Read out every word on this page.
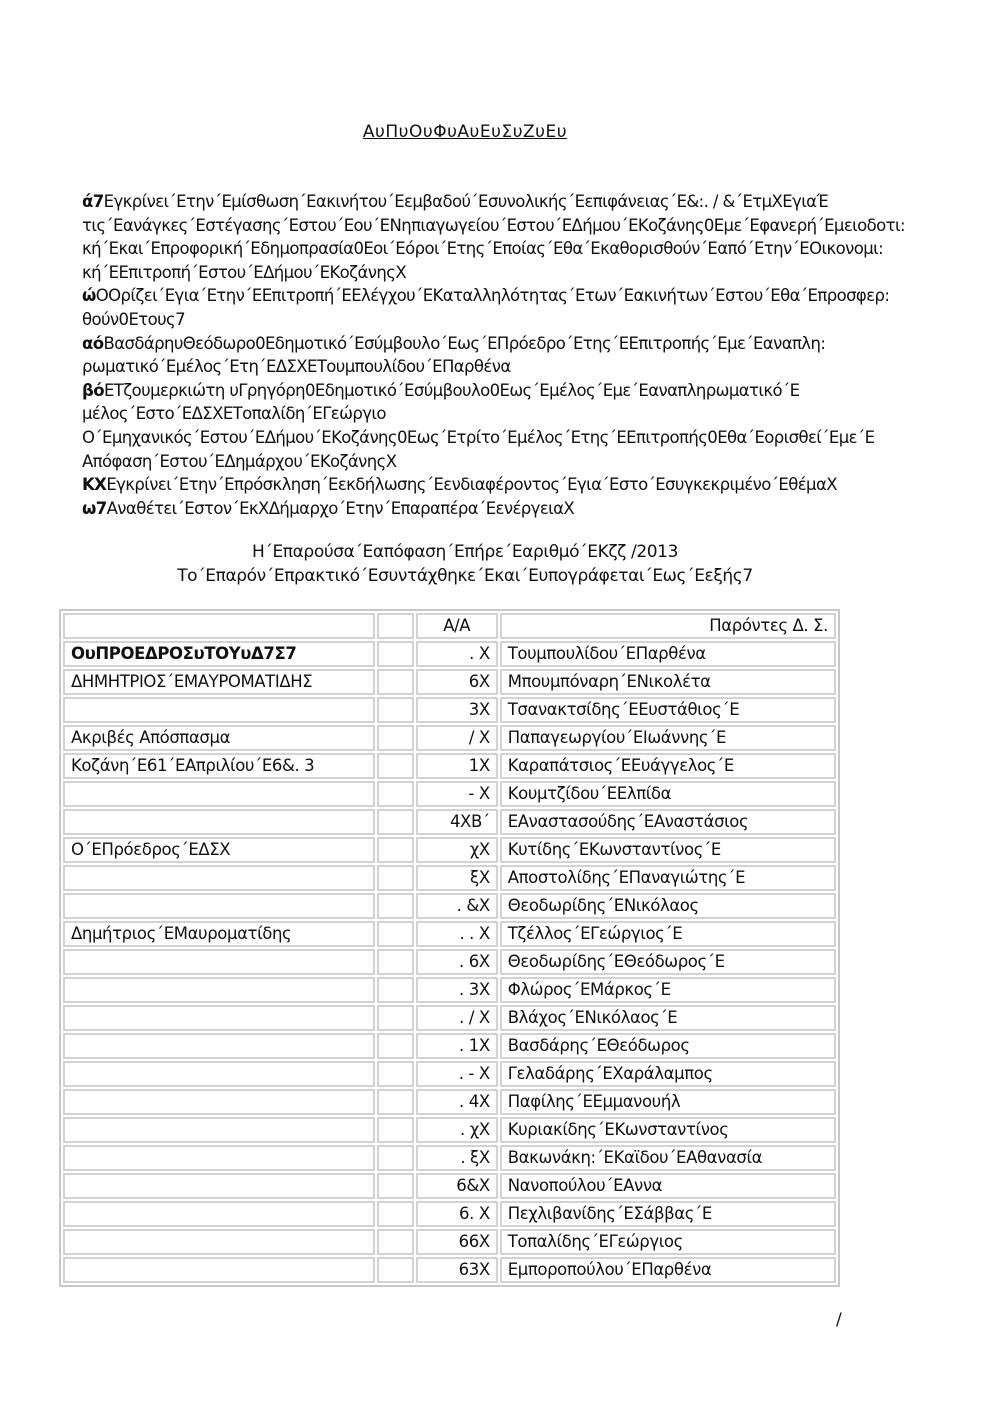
ΑυΠυΟυΦυΑυΕυΣυΖυΕυ

ά7Εγκρίνει΄Ετην΄Εμίσθωση΄Εακινήτου΄Εεμβαδού΄Εσυνολικής΄Εεπιφάνειας΄Ε&:. / &΄ΕτμΧΕγιαΈ

τις΄Εανάγκες΄Εστέγασης΄Εστου΄Εου΄ΕΝηπιαγωγείου΄Εστου΄ΕΔήμου΄ΕΚοζάνης0Εμε΄Εφανερή΄Εμειοδοτι:

κή΄Εκαι΄Επροφορική΄Εδημοπρασία0Εοι΄Εόροι΄Ετης΄Εποίας΄Εθα΄Εκαθορισθούν΄Εαπό΄Ετην΄ΕΟικονομι:

κή΄ΕΕπιτροπή΄Εστου΄ΕΔήμου΄ΕΚοζάνηςΧ

ώΟΟρίζει΄Εγια΄Ετην΄ΕΕπιτροπή΄ΕΕλέγχου΄ΕΚαταλληλότητας΄Ετων΄Εακινήτων΄Εστου΄Εθα΄Επροσφερ:

θούν0Ετους7

αόΒασδάρηυΘεόδωρο0Εδημοτικό΄Εσύμβουλο΄Εως΄ΕΠρόεδρο΄Ετης΄ΕΕπιτροπής΄Εμε΄Εαναπλη:

ρωματικό΄Εμέλος΄Ετη΄ΕΔΣΧΕΤουμπουλίδου΄ΕΠαρθένα

βόΕΤζουμερκιώτη υΓρηγόρη0Εδημοτικό΄Εσύμβουλο0Εως΄Εμέλος΄Εμε΄Εαναπληρωματικό΄Ε

μέλος΄Εστο΄ΕΔΣΧΕΤοπαλίδη΄ΕΓεώργιο

Ο΄Εμηχανικός΄Εστου΄ΕΔήμου΄ΕΚοζάνης0Εως΄Ετρίτο΄Εμέλος΄Ετης΄ΕΕπιτροπής0Εθα΄Εορισθεί΄Εμε΄Ε

Απόφαση΄Εστου΄ΕΔημάρχου΄ΕΚοζάνηςΧ

ΚΧΕγκρίνει΄Ετην΄Επρόσκληση΄Εεκδήλωσης΄Εενδιαφέροντος΄Εγια΄Εστο΄Εσυγκεκριμένο΄ΕθέμαΧ

ω7Αναθέτει΄Εστον΄ΕκΧΔήμαρχο΄Ετην΄Επαραπέρα΄ΕενέργειαΧ

Η΄Επαρούσα΄Εαπόφαση΄Επήρε΄Εαριθμό΄ΕΚζζ /2013

Το΄Επαρόν΄Επρακτικό΄Εσυντάχθηκε΄Εκαι΄Ευπογράφεται΄Εως΄Εεξής7

		Α/Α	Παρόντες Δ. Σ.
ΟυΠΡΟΕΔΡΟΣυΤΟΥυΔ7Σ7		. Χ	Τουμπουλίδου΄ΕΠαρθένα
ΔΗΜΗΤΡΙΟΣ΄ΕΜΑΥΡΟΜΑΤΙΔΗΣ		6Χ	Μπουμπόναρη΄ΕΝικολέτα
		3Χ	Τσανακτσίδης΄ΕΕυστάθιος΄Ε
Ακριβές Απόσπασμα		/ Χ	Παπαγεωργίου΄ΕΙωάννης΄Ε
Κοζάνη΄Ε61΄ΕΑπριλίου΄Ε6&. 3		1Χ	Καραπάτσιος΄ΕΕυάγγελος΄Ε
		- Χ	Κουμτζίδου΄ΕΕλπίδα
		4ΧΒ΄	ΕΑναστασούδης΄ΕΑναστάσιος
Ο΄ΕΠρόεδρος΄ΕΔΣΧ		χΧ	Κυτίδης΄ΕΚωνσταντίνος΄Ε
		ξΧ	Αποστολίδης΄ΕΠαναγιώτης΄Ε
		. &Χ	Θεοδωρίδης΄ΕΝικόλαος
Δημήτριος΄ΕΜαυροματίδης		. . Χ	Τζέλλος΄ΕΓεώργιος΄Ε
		. 6Χ	Θεοδωρίδης΄ΕΘεόδωρος΄Ε
		. 3Χ	Φλώρος΄ΕΜάρκος΄Ε
		. / Χ	Βλάχος΄ΕΝικόλαος΄Ε
		. 1Χ	Βασδάρης΄ΕΘεόδωρος
		. - Χ	Γελαδάρης΄ΕΧαράλαμπος
		. 4Χ	Παφίλης΄ΕΕμμανουήλ
		. χΧ	Κυριακίδης΄ΕΚωνσταντίνος
		. ξΧ	Βακωνάκη:΄ΕΚαϊδου΄ΕΑθανασία
		6&Χ	Νανοπούλου΄ΕΑννα
		6. Χ	Πεχλιβανίδης΄ΕΣάββας΄Ε
		66Χ	Τοπαλίδης΄ΕΓεώργιος
		63Χ	Εμποροπούλου΄ΕΠαρθένα
/
